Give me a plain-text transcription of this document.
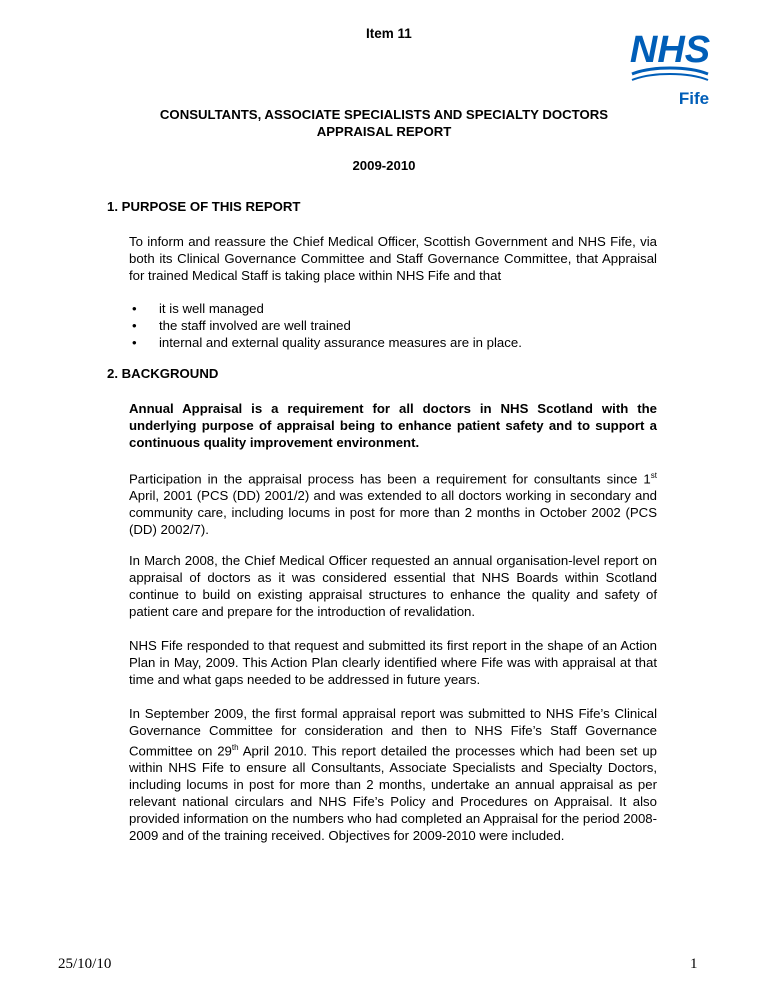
Item 11	NHS
Fife
CONSULTANTS, ASSOCIATE SPECIALISTS AND SPECIALTY DOCTORS
APPRAISAL REPORT
2009-2010
1. PURPOSE OF THIS REPORT
To inform and reassure the Chief Medical Officer, Scottish Government and NHS Fife, via both its Clinical Governance Committee and Staff Governance Committee, that Appraisal for trained Medical Staff is taking place within NHS Fife and that
• it is well managed
• the staff involved are well trained
• internal and external quality assurance measures are in place.
2. BACKGROUND
Annual Appraisal is a requirement for all doctors in NHS Scotland with the underlying purpose of appraisal being to enhance patient safety and to support a continuous quality improvement environment.
Participation in the appraisal process has been a requirement for consultants since 1st April, 2001 (PCS (DD) 2001/2) and was extended to all doctors working in secondary and community care, including locums in post for more than 2 months in October 2002 (PCS (DD) 2002/7).
In March 2008, the Chief Medical Officer requested an annual organisation-level report on appraisal of doctors as it was considered essential that NHS Boards within Scotland continue to build on existing appraisal structures to enhance the quality and safety of patient care and prepare for the introduction of revalidation.
NHS Fife responded to that request and submitted its first report in the shape of an Action Plan in May, 2009. This Action Plan clearly identified where Fife was with appraisal at that time and what gaps needed to be addressed in future years.
In September 2009, the first formal appraisal report was submitted to NHS Fife’s Clinical Governance Committee for consideration and then to NHS Fife’s Staff Governance Committee on 29th April 2010. This report detailed the processes which had been set up within NHS Fife to ensure all Consultants, Associate Specialists and Specialty Doctors, including locums in post for more than 2 months, undertake an annual appraisal as per relevant national circulars and NHS Fife’s Policy and Procedures on Appraisal. It also provided information on the numbers who had completed an Appraisal for the period 2008-2009 and of the training received. Objectives for 2009-2010 were included.
25/10/10	1
